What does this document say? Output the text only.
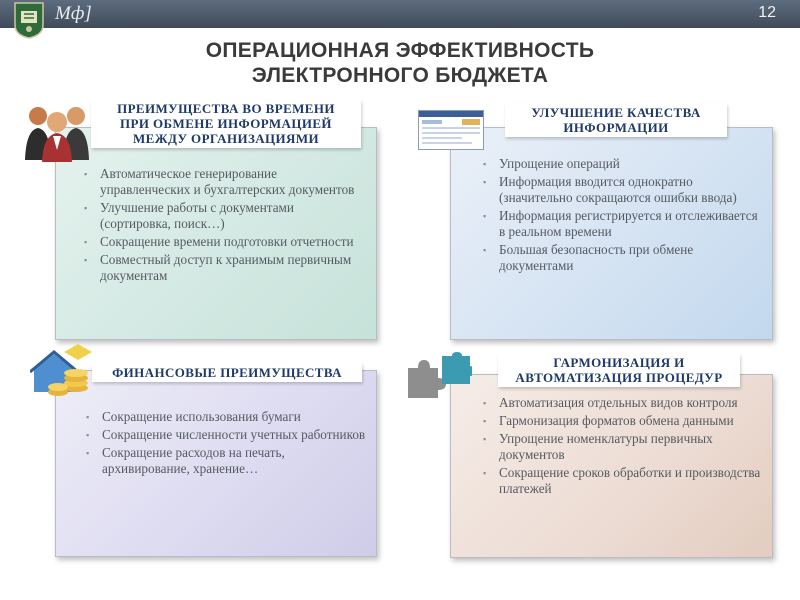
Мф]	12
ОПЕРАЦИОННАЯ ЭФФЕКТИВНОСТЬ
ЭЛЕКТРОННОГО БЮДЖЕТА
▪ Автоматическое генерирование управленческих и бухгалтерских документов
▪ Улучшение работы с документами (сортировка, поиск…)
▪ Сокращение времени подготовки отчетности
▪ Совместный доступ к хранимым первичным документам
ПРЕИМУЩЕСТВА ВО ВРЕМЕНИ
ПРИ ОБМЕНЕ ИНФОРМАЦИЕЙ
МЕЖДУ ОРГАНИЗАЦИЯМИ
▪ Упрощение операций
▪ Информация вводится однократно (значительно сокращаются ошибки ввода)
▪ Информация регистрируется и отслеживается в реальном времени
▪ Большая безопасность при обмене документами
УЛУЧШЕНИЕ КАЧЕСТВА
ИНФОРМАЦИИ
▪ Сокращение использования бумаги
▪ Сокращение численности учетных работников
▪ Сокращение расходов на печать, архивирование, хранение…
ФИНАНСОВЫЕ ПРЕИМУЩЕСТВА
▪ Автоматизация отдельных видов контроля
▪ Гармонизация форматов обмена данными
▪ Упрощение номенклатуры первичных документов
▪ Сокращение сроков обработки и производства платежей
ГАРМОНИЗАЦИЯ И
АВТОМАТИЗАЦИЯ ПРОЦЕДУР
